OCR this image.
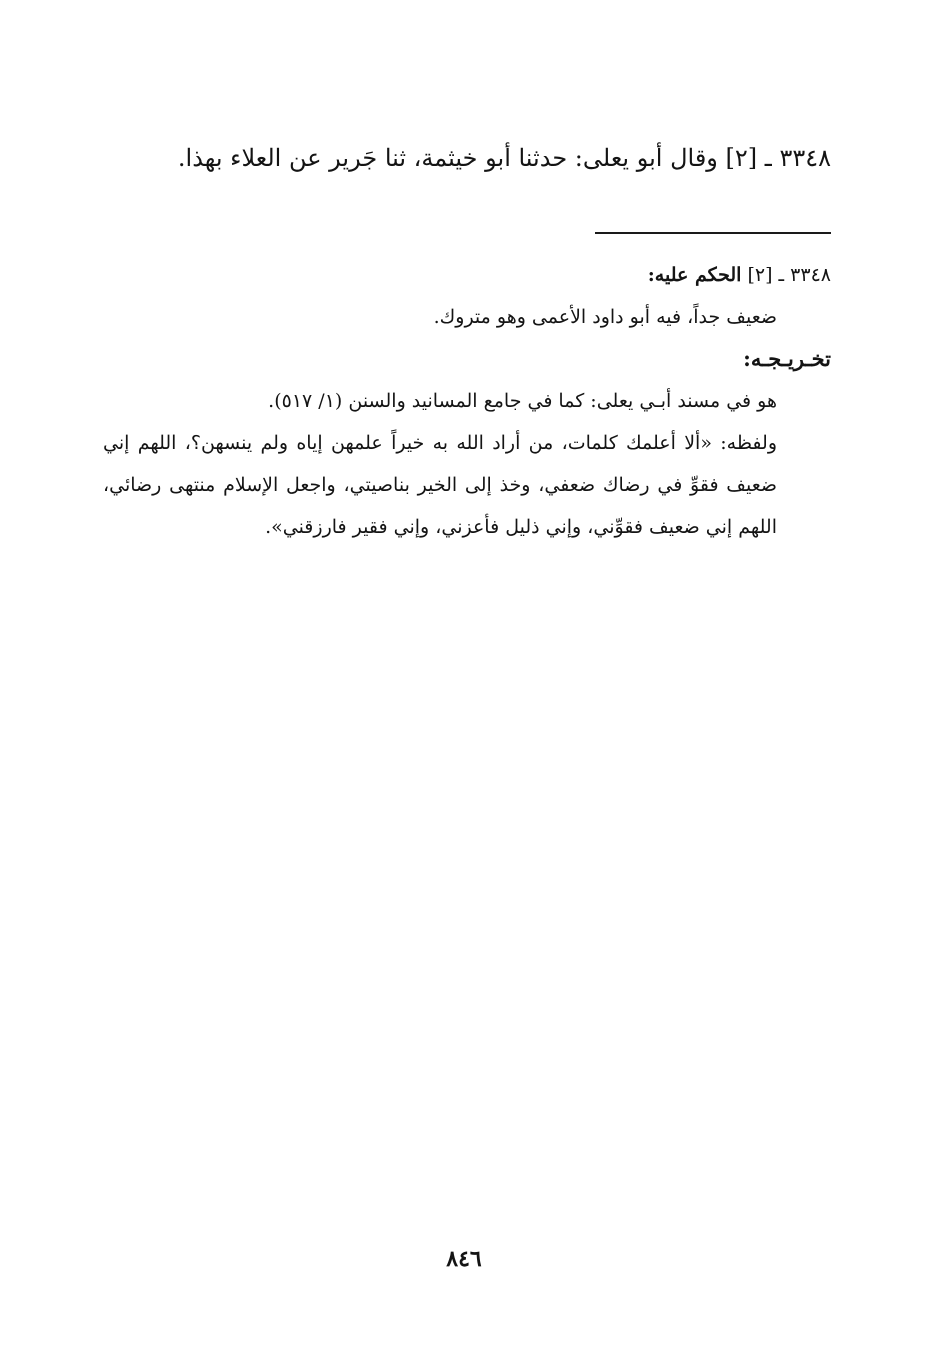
٣٣٤٨ ـ [٢] وقال أبو يعلى: حدثنا أبو خيثمة، ثنا جَرير عن العلاء بهذا.

٣٣٤٨ ـ [٢] الحكم عليه:

ضعيف جداً، فيه أبو داود الأعمى وهو متروك.

تخـريـجـه:

هو في مسند أبـي يعلى: كما في جامع المسانيد والسنن (١/ ٥١٧).

ولفظه: «ألا أعلمك كلمات، من أراد الله به خيراً علمهن إياه ولم ينسهن؟، اللهم إني ضعيف فقوِّ في رضاك ضعفي، وخذ إلى الخير بناصيتي، واجعل الإسلام منتهى رضائي، اللهم إني ضعيف فقوِّني، وإني ذليل فأعزني، وإني فقير فارزقني».

٨٤٦
